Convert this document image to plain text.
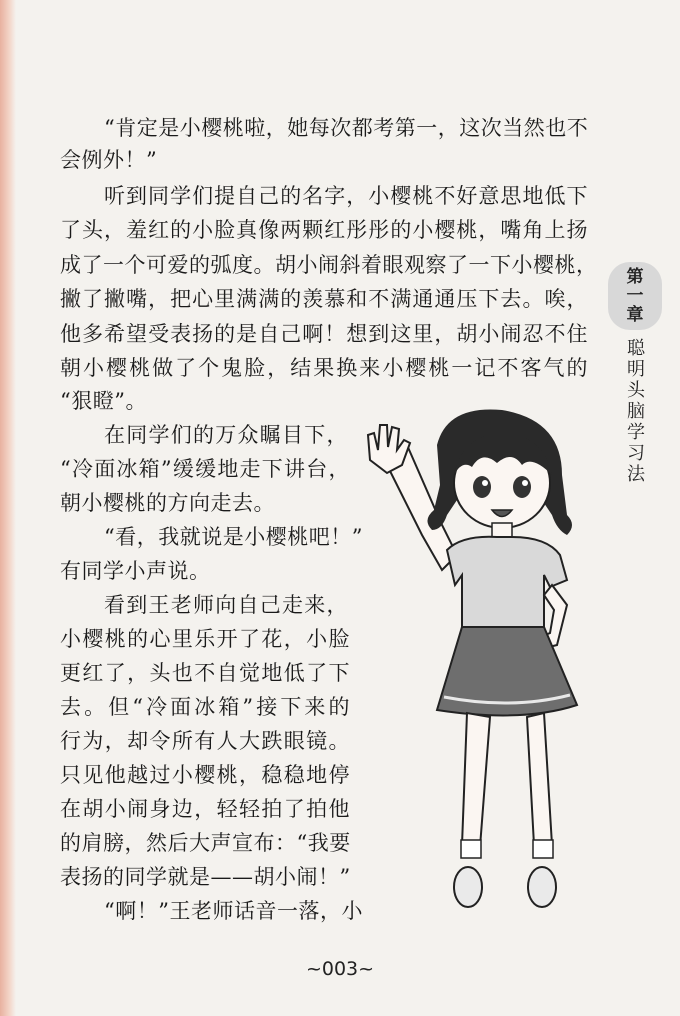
“肯定是小樱桃啦，她每次都考第一，这次当然也不
会例外！”
听到同学们提自己的名字，小樱桃不好意思地低下
了头，羞红的小脸真像两颗红彤彤的小樱桃，嘴角上扬
成了一个可爱的弧度。胡小闹斜着眼观察了一下小樱桃，
撇了撇嘴，把心里满满的羡慕和不满通通压下去。唉，
他多希望受表扬的是自己啊！想到这里，胡小闹忍不住
朝小樱桃做了个鬼脸，结果换来小樱桃一记不客气的
“狠瞪”。
在同学们的万众瞩目下，
“冷面冰箱”缓缓地走下讲台，
朝小樱桃的方向走去。
“看，我就说是小樱桃吧！”
有同学小声说。
看到王老师向自己走来，
小樱桃的心里乐开了花，小脸
更红了，头也不自觉地低了下
去。但“冷面冰箱”接下来的
行为，却令所有人大跌眼镜。
只见他越过小樱桃，稳稳地停
在胡小闹身边，轻轻拍了拍他
的肩膀，然后大声宣布：“我要
表扬的同学就是——胡小闹！”
“啊！”王老师话音一落，小
第
一
章
聪
明
头
脑
学
习
法
~003~
